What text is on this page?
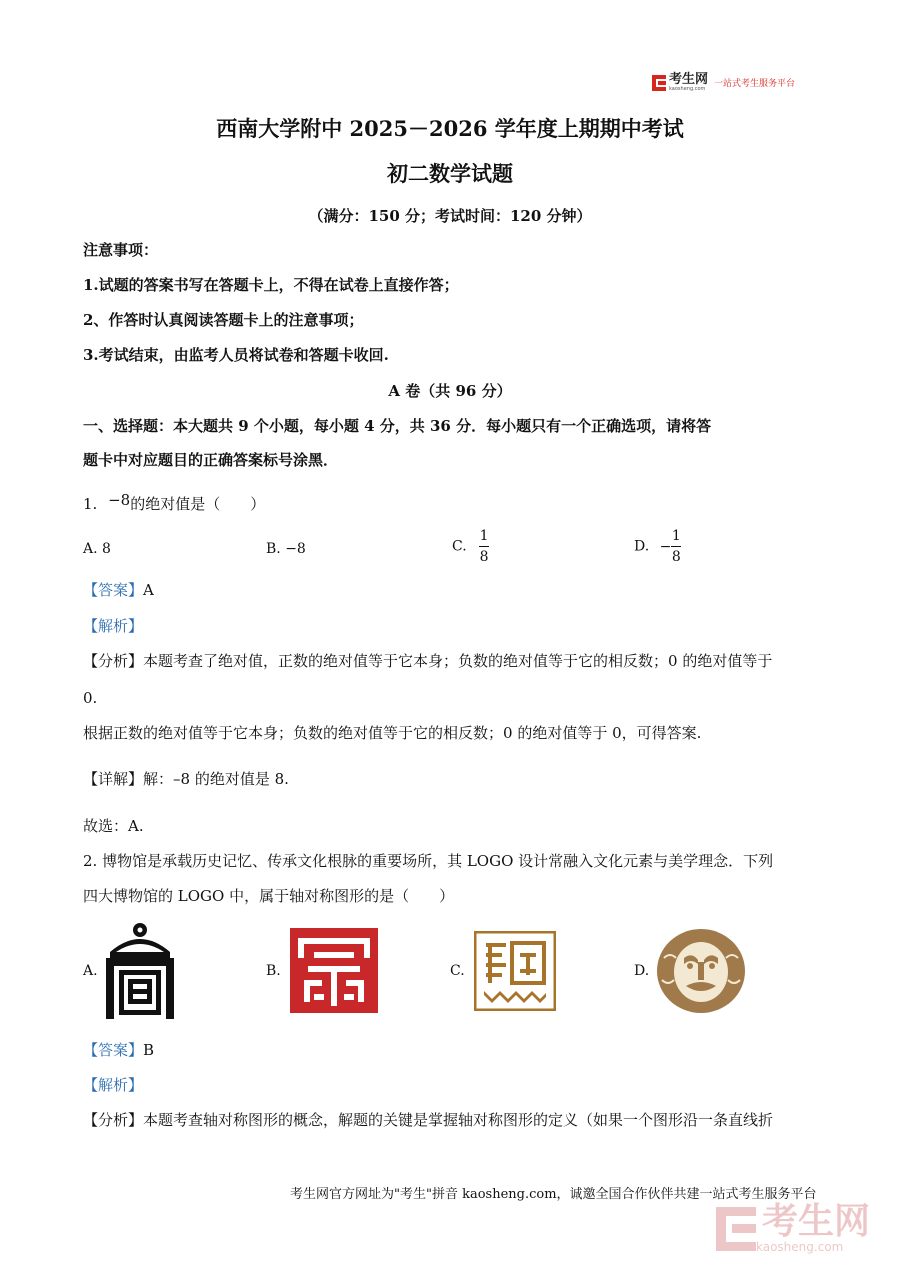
考生网
kaosheng.com 一站式考生服务平台
西南大学附中 2025－2026 学年度上期期中考试
初二数学试题
（满分：150 分；考试时间：120 分钟）
注意事项：
1.试题的答案书写在答题卡上，不得在试卷上直接作答；
2、作答时认真阅读答题卡上的注意事项；
3.考试结束，由监考人员将试卷和答题卡收回.
A 卷（共 96 分）
一、选择题：本大题共 9 个小题，每小题 4 分，共 36 分．每小题只有一个正确选项，请将答
题卡中对应题目的正确答案标号涂黑．
1. −8的绝对值是（　　）
A. 8	B. −8	C. $\frac{1}{8}$	D. − $\frac{1}{8}$
【答案】A
【解析】
【分析】本题考查了绝对值，正数的绝对值等于它本身；负数的绝对值等于它的相反数；0 的绝对值等于
0.
根据正数的绝对值等于它本身；负数的绝对值等于它的相反数；0 的绝对值等于 0，可得答案.
【详解】解：–8 的绝对值是 8.
故选：A.
2. 博物馆是承载历史记忆、传承文化根脉的重要场所，其 LOGO 设计常融入文化元素与美学理念．下列
四大博物馆的 LOGO 中，属于轴对称图形的是（　　）
A.	B.	C.	D.
【答案】B
【解析】
【分析】本题考查轴对称图形的概念，解题的关键是掌握轴对称图形的定义（如果一个图形沿一条直线折
考生网官方网址为"考生"拼音 kaosheng.com，诚邀全国合作伙伴共建一站式考生服务平台
考生网
kaosheng.com
